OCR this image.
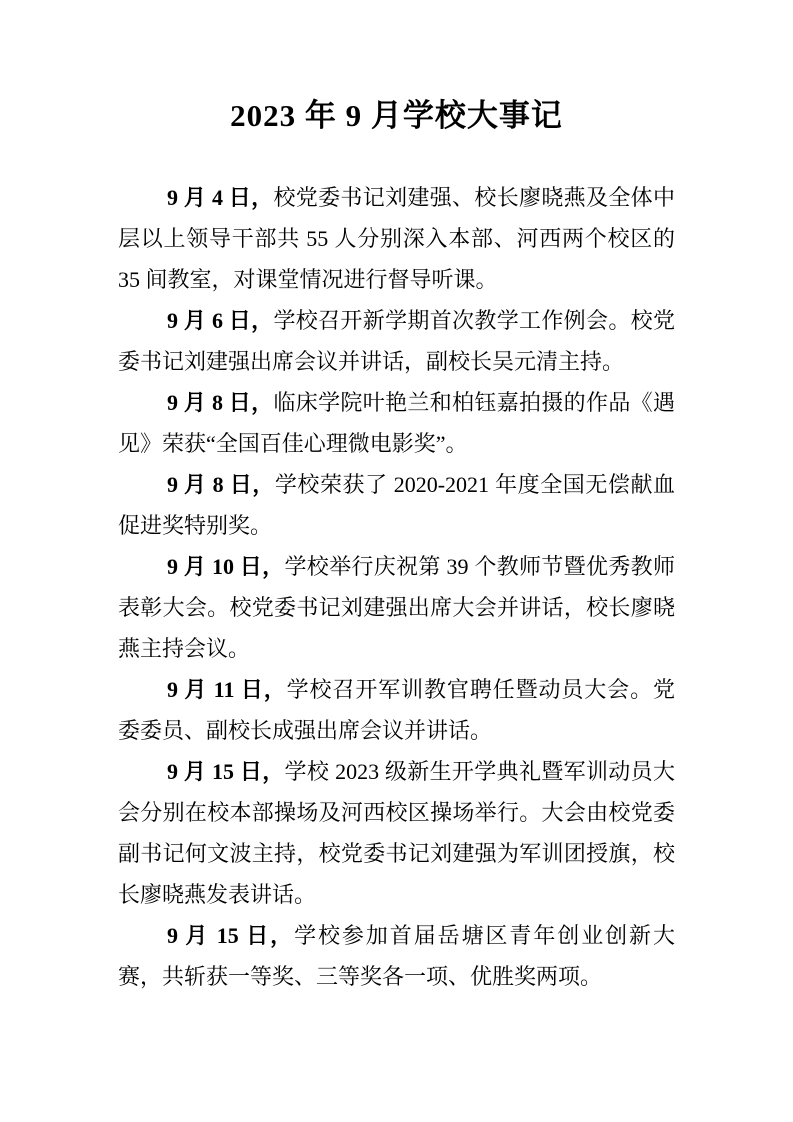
2023 年 9 月学校大事记

9 月 4 日，校党委书记刘建强、校长廖晓燕及全体中层以上领导干部共 55 人分别深入本部、河西两个校区的 35 间教室，对课堂情况进行督导听课。

9 月 6 日，学校召开新学期首次教学工作例会。校党委书记刘建强出席会议并讲话，副校长吴元清主持。

9 月 8 日，临床学院叶艳兰和柏钰嘉拍摄的作品《遇见》荣获“全国百佳心理微电影奖”。

9 月 8 日，学校荣获了 2020-2021 年度全国无偿献血促进奖特别奖。

9 月 10 日，学校举行庆祝第 39 个教师节暨优秀教师表彰大会。校党委书记刘建强出席大会并讲话，校长廖晓燕主持会议。

9 月 11 日，学校召开军训教官聘任暨动员大会。党委委员、副校长成强出席会议并讲话。

9 月 15 日，学校 2023 级新生开学典礼暨军训动员大会分别在校本部操场及河西校区操场举行。大会由校党委副书记何文波主持，校党委书记刘建强为军训团授旗，校长廖晓燕发表讲话。

9 月 15 日，学校参加首届岳塘区青年创业创新大赛，共斩获一等奖、三等奖各一项、优胜奖两项。
